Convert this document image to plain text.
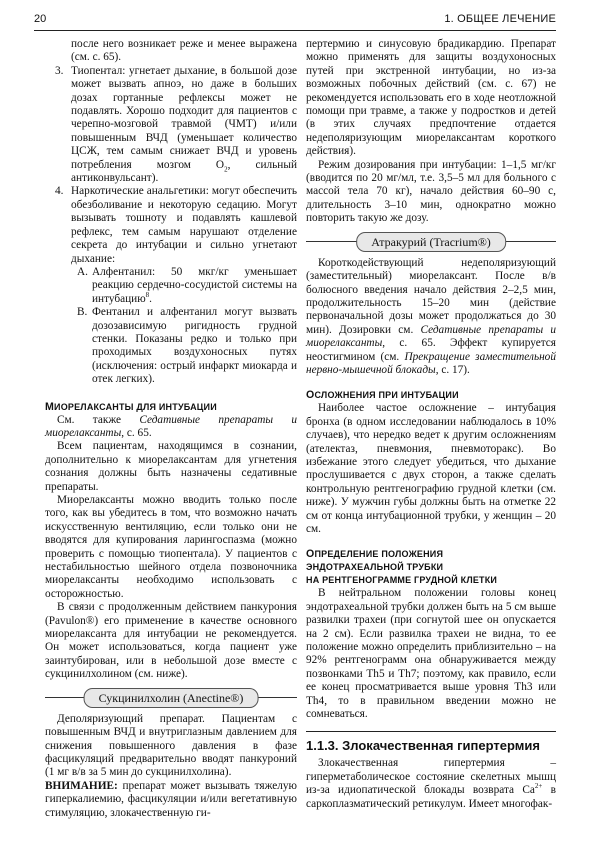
20	1. ОБЩЕЕ ЛЕЧЕНИЕ

после него возникает реже и менее выражена (см. с. 65).

3. Тиопентал: угнетает дыхание, в большой дозе может вызвать апноэ, но даже в больших дозах гортанные рефлексы может не подавлять. Хорошо подходит для пациентов с черепно-мозговой травмой (ЧМТ) и/или повышенным ВЧД (уменьшает количество ЦСЖ, тем самым снижает ВЧД и уровень потребления мозгом $O_2$, сильный антиконвульсант).
4. Наркотические анальгетики: могут обеспечить обезболивание и некоторую седацию. Могут вызывать тошноту и подавлять кашлевой рефлекс, тем самым нарушают отделение секрета до интубации и сильно угнетают дыхание:
A. Алфентанил: 50 мкг/кг уменьшает реакцию сердечно-сосудистой системы на интубацию$^8$.
B. Фентанил и алфентанил могут вызвать дозозависимую ригидность грудной стенки. Показаны редко и только при проходимых воздухоносных путях (исключения: острый инфаркт миокарда и отек легких).
МИОРЕЛАКСАНТЫ ДЛЯ ИНТУБАЦИИ

См. также Седативные препараты и миорелаксанты, с. 65.

Всем пациентам, находящимся в сознании, дополнительно к миорелаксантам для угнетения сознания должны быть назначены седативные препараты.

Миорелаксанты можно вводить только после того, как вы убедитесь в том, что возможно начать искусственную вентиляцию, если только они не вводятся для купирования ларингоспазма (можно проверить с помощью тиопентала). У пациентов с нестабильностью шейного отдела позвоночника миорелаксанты необходимо использовать с осторожностью.

В связи с продолженным действием панкурония (Pavulon®) его применение в качестве основного миорелаксанта для интубации не рекомендуется. Он может использоваться, когда пациент уже заинтубирован, или в небольшой дозе вместе с сукцинилхолином (см. ниже).

Сукцинилхолин (Anectine®)

Деполяризующий препарат. Пациентам с повышенным ВЧД и внутриглазным давлением для снижения повышенного давления в фазе фасцикуляций предварительно вводят панкуроний (1 мг в/в за 5 мин до сукцинилхолина).

ВНИМАНИЕ: препарат может вызывать тяжелую гиперкалиемию, фасцикуляции и/или вегетативную стимуляцию, злокачественную ги-

пертермию и синусовую брадикардию. Препарат можно применять для защиты воздухоносных путей при экстренной интубации, но из-за возможных побочных действий (см. с. 67) не рекомендуется использовать его в ходе неотложной помощи при травме, а также у подростков и детей (в этих случаях предпочтение отдается недеполяризующим миорелаксантам короткого действия).

Режим дозирования при интубации: 1–1,5 мг/кг (вводится по 20 мг/мл, т.е. 3,5–5 мл для больного с массой тела 70 кг), начало действия 60–90 с, длительность 3–10 мин, однократно можно повторить такую же дозу.

Атракурий (Tracrium®)

Короткодействующий недеполяризующий (заместительный) миорелаксант. После в/в болюсного введения начало действия 2–2,5 мин, продолжительность 15–20 мин (действие первоначальной дозы может продолжаться до 30 мин). Дозировки см. Седативные препараты и миорелаксанты, с. 65. Эффект купируется неостигмином (см. Прекращение заместительной нервно-мышечной блокады, с. 17).

ОСЛОЖНЕНИЯ ПРИ ИНТУБАЦИИ

Наиболее частое осложнение – интубация бронха (в одном исследовании наблюдалось в 10% случаев), что нередко ведет к другим осложнениям (ателектаз, пневмония, пневмоторакс). Во избежание этого следует убедиться, что дыхание прослушивается с двух сторон, а также сделать контрольную рентгенографию грудной клетки (см. ниже). У мужчин губы должны быть на отметке 22 см от конца интубационной трубки, у женщин – 20 см.

ОПРЕДЕЛЕНИЕ ПОЛОЖЕНИЯ
ЭНДОТРАХЕАЛЬНОЙ ТРУБКИ
НА РЕНТГЕНОГРАММЕ ГРУДНОЙ КЛЕТКИ

В нейтральном положении головы конец эндотрахеальной трубки должен быть на 5 см выше развилки трахеи (при согнутой шее он опускается на 2 см). Если развилка трахеи не видна, то ее положение можно определить приблизительно – на 92% рентгенограмм она обнаруживается между позвонками Th5 и Th7; поэтому, как правило, если ее конец просматривается выше уровня Th3 или Th4, то в правильном введении можно не сомневаться.

1.1.3. Злокачественная гипертермия

Злокачественная гипертермия – гиперметаболическое состояние скелетных мышц из-за идиопатической блокады возврата $Ca^{2+}$ в саркоплазматический ретикулум. Имеет многофак-
